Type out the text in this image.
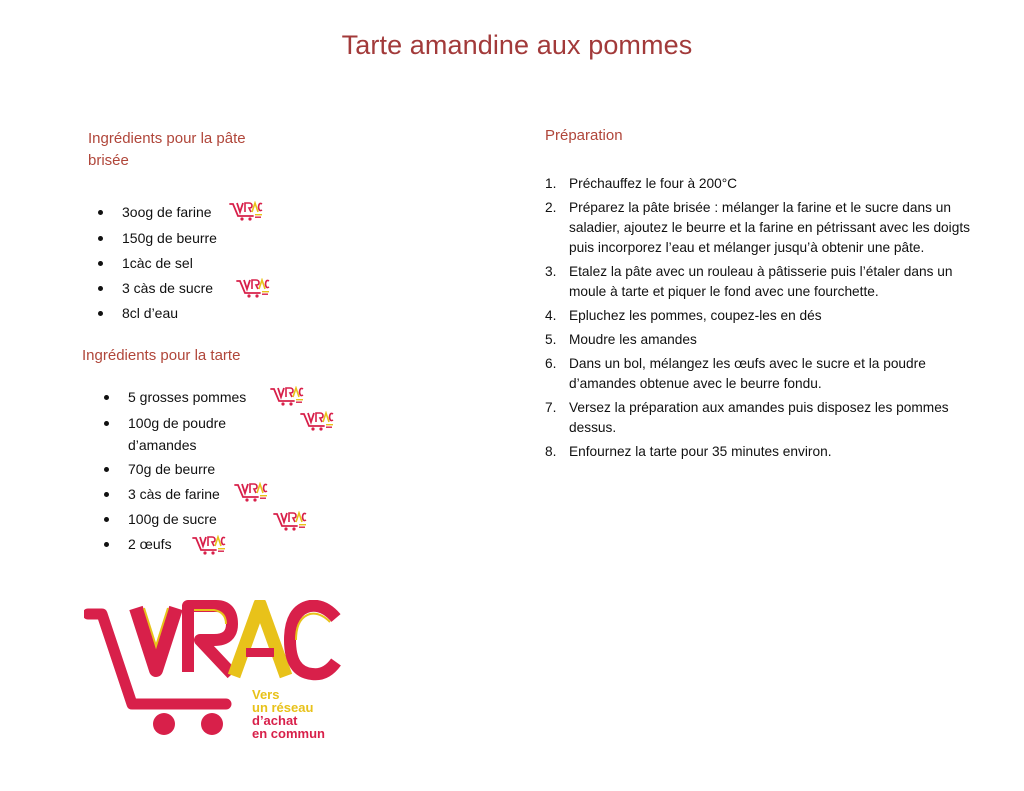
Tarte amandine aux pommes
Ingrédients pour la pâte brisée
3oog de farine
150g de beurre
1càc de sel
3 càs de sucre
8cl d’eau
Ingrédients pour la tarte
5 grosses pommes
100g de poudre d’amandes
70g de beurre
3 càs de farine
100g de sucre
2 œufs
Préparation
1. Préchauffez le four à 200°C
2. Préparez la pâte brisée : mélanger la farine et le sucre dans un saladier, ajoutez le beurre et la farine en pétrissant avec les doigts puis incorporez l’eau et mélanger jusqu’à obtenir une pâte.
3. Etalez la pâte avec un rouleau à pâtisserie puis l’étaler dans un moule à tarte et piquer le fond avec une fourchette.
4. Epluchez les pommes, coupez-les en dés
5. Moudre les amandes
6. Dans un bol, mélangez les œufs avec le sucre et la poudre d’amandes obtenue avec le beurre fondu.
7. Versez la préparation aux amandes puis disposez les pommes dessus.
8. Enfournez la tarte pour 35 minutes environ.
Vers
un réseau
d’achat
en commun
